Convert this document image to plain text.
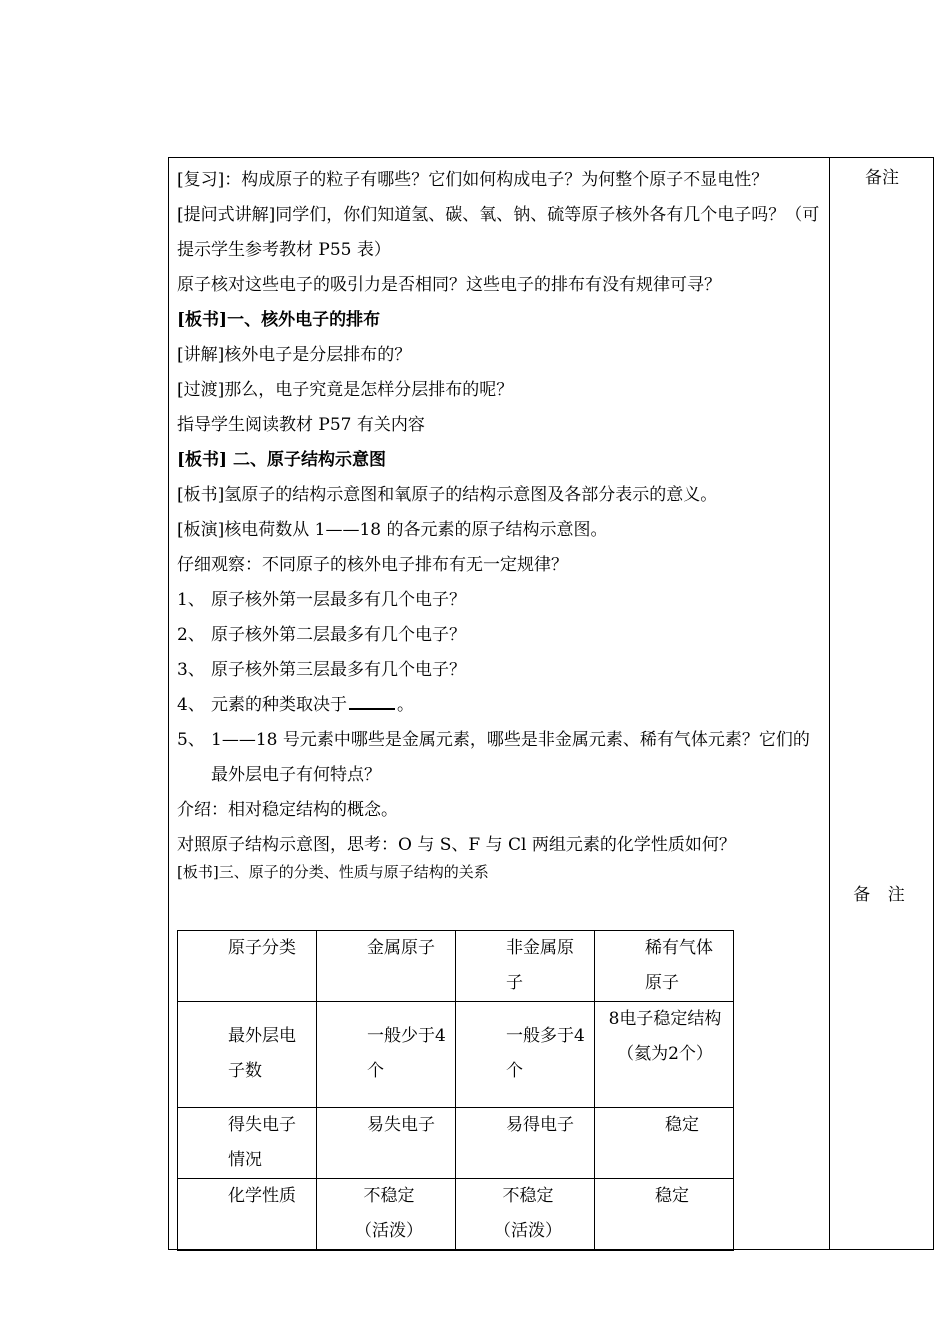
备注
备 注

[复习]：构成原子的粒子有哪些？它们如何构成电子？为何整个原子不显电性？

[提问式讲解]同学们，你们知道氢、碳、氧、钠、硫等原子核外各有几个电子吗？（可提示学生参考教材 P55 表）

原子核对这些电子的吸引力是否相同？这些电子的排布有没有规律可寻？

[板书]一、核外电子的排布

[讲解]核外电子是分层排布的？

[过渡]那么，电子究竟是怎样分层排布的呢？

指导学生阅读教材 P57 有关内容

[板书] 二、原子结构示意图

[板书]氢原子的结构示意图和氧原子的结构示意图及各部分表示的意义。

[板演]核电荷数从 1——18 的各元素的原子结构示意图。

仔细观察：不同原子的核外电子排布有无一定规律？

1、 原子核外第一层最多有几个电子？
2、 原子核外第二层最多有几个电子？
3、 原子核外第三层最多有几个电子？
4、 元素的种类取决于	。
5、 1——18 号元素中哪些是金属元素，哪些是非金属元素、稀有气体元素？它们的最外层电子有何特点？

介绍：相对稳定结构的概念。

对照原子结构示意图，思考：O 与 S、F 与 Cl 两组元素的化学性质如何？

[板书]三、原子的分类、性质与原子结构的关系

原子分类	金属原子	非金属原子	稀有气体原子

最外层电子数	一般少于4个	一般多于4个	8电子稳定结构（氦为2个）

得失电子情况	易失电子	易得电子	稳定

化学性质	不稳定（活泼）	不稳定（活泼）	稳定
